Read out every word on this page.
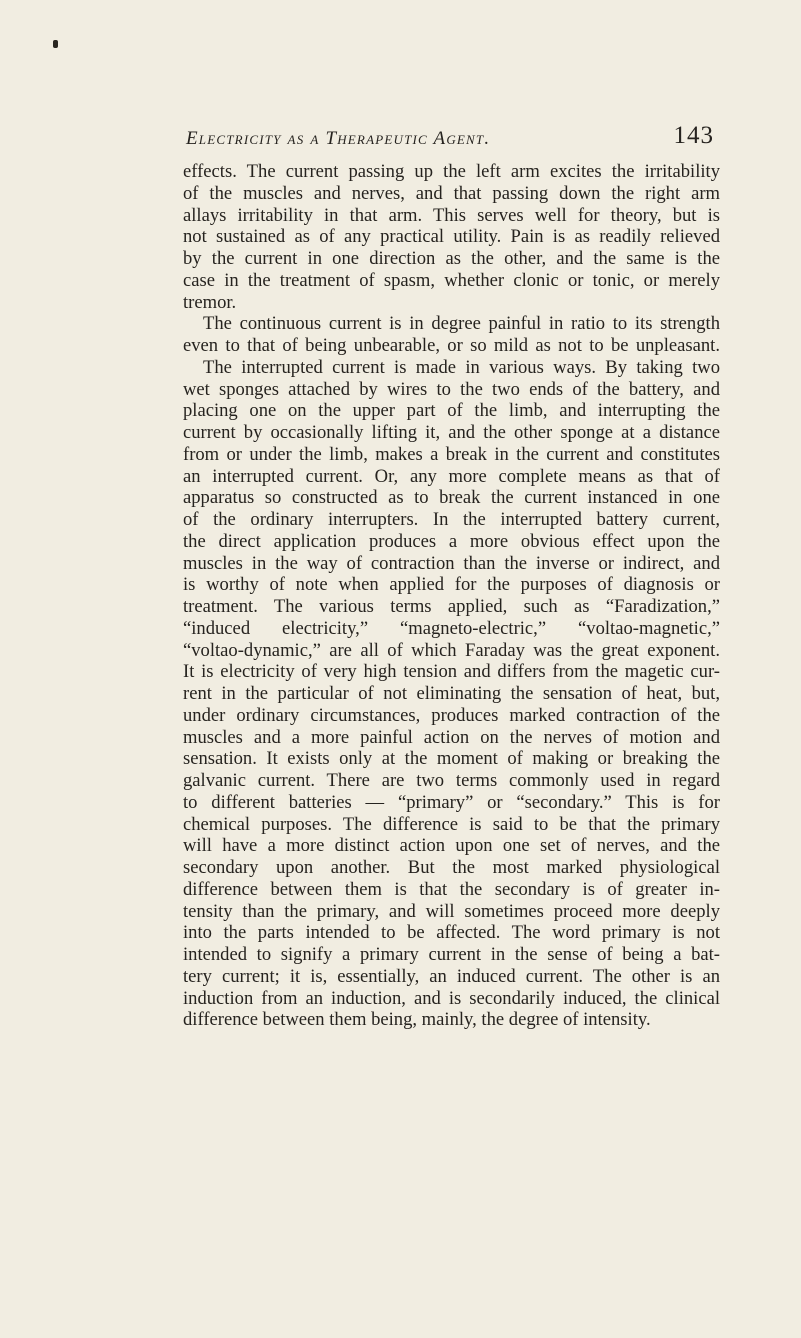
Electricity as a Therapeutic Agent.	143
effects. The current passing up the left arm excites the irritability
of the muscles and nerves, and that passing down the right arm
allays irritability in that arm. This serves well for theory, but is
not sustained as of any practical utility. Pain is as readily relieved
by the current in one direction as the other, and the same is the
case in the treatment of spasm, whether clonic or tonic, or merely
tremor.
The continuous current is in degree painful in ratio to its strength
even to that of being unbearable, or so mild as not to be unpleasant.
The interrupted current is made in various ways. By taking two
wet sponges attached by wires to the two ends of the battery, and
placing one on the upper part of the limb, and interrupting the
current by occasionally lifting it, and the other sponge at a distance
from or under the limb, makes a break in the current and constitutes
an interrupted current. Or, any more complete means as that of
apparatus so constructed as to break the current instanced in one
of the ordinary interrupters. In the interrupted battery current,
the direct application produces a more obvious effect upon the
muscles in the way of contraction than the inverse or indirect, and
is worthy of note when applied for the purposes of diagnosis or
treatment. The various terms applied, such as “Faradization,”
“induced electricity,” “magneto-electric,” “voltao-magnetic,”
“voltao-dynamic,” are all of which Faraday was the great exponent.
It is electricity of very high tension and differs from the magetic cur-
rent in the particular of not eliminating the sensation of heat, but,
under ordinary circumstances, produces marked contraction of the
muscles and a more painful action on the nerves of motion and
sensation. It exists only at the moment of making or breaking the
galvanic current. There are two terms commonly used in regard
to different batteries — “primary” or “secondary.” This is for
chemical purposes. The difference is said to be that the primary
will have a more distinct action upon one set of nerves, and the
secondary upon another. But the most marked physiological
difference between them is that the secondary is of greater in-
tensity than the primary, and will sometimes proceed more deeply
into the parts intended to be affected. The word primary is not
intended to signify a primary current in the sense of being a bat-
tery current; it is, essentially, an induced current. The other is an
induction from an induction, and is secondarily induced, the clinical
difference between them being, mainly, the degree of intensity.
